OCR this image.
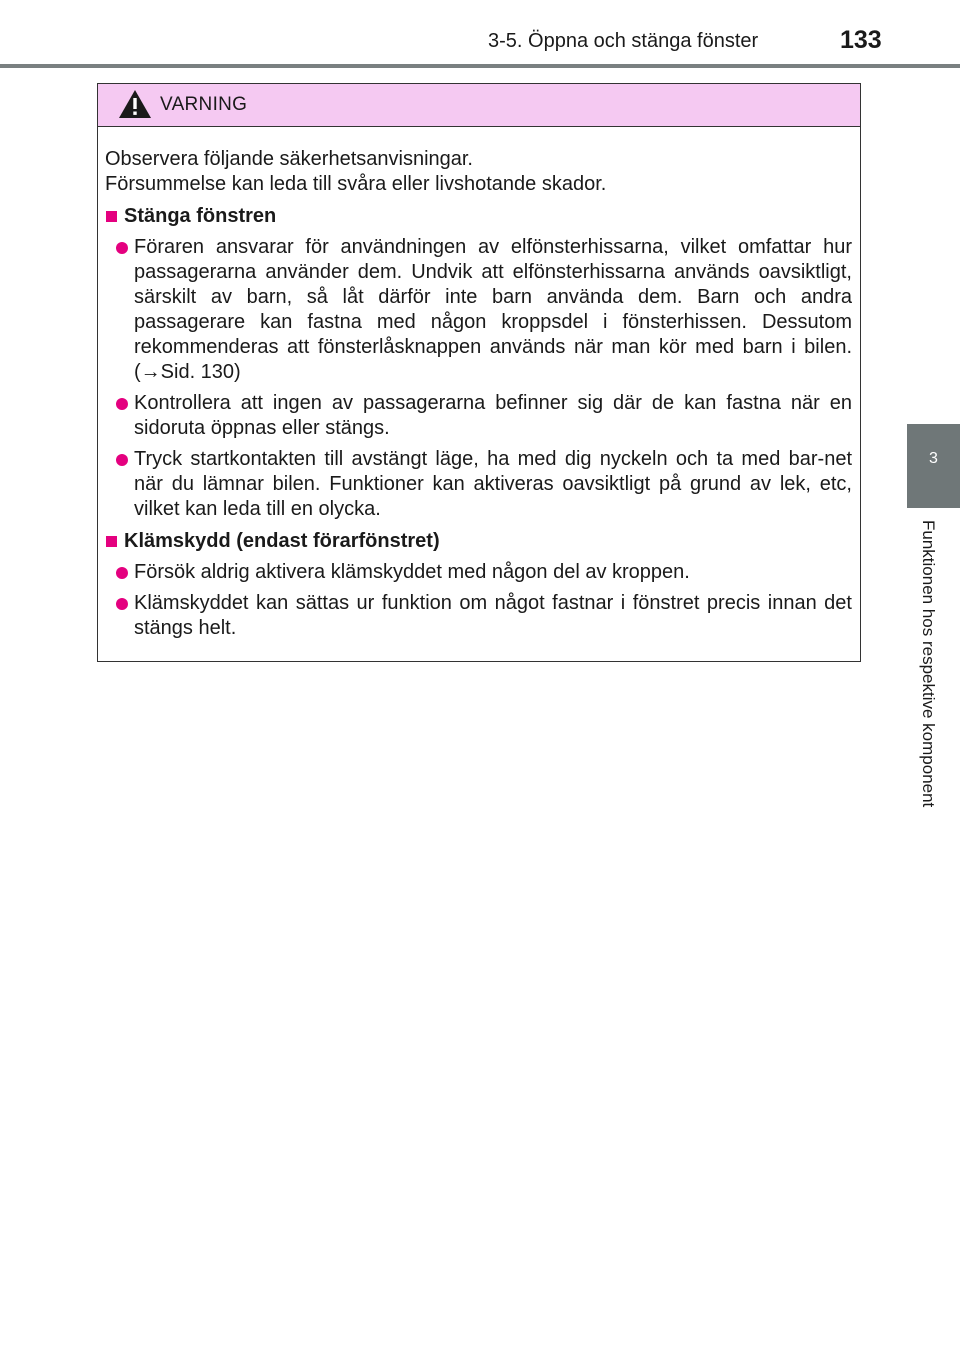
3-5. Öppna och stänga fönster	133
3
Funktionen hos respektive komponent
VARNING

Observera följande säkerhetsanvisningar.

Försummelse kan leda till svåra eller livshotande skador.

Stänga fönstren
Föraren ansvarar för användningen av elfönsterhissarna, vilket omfattar hur passagerarna använder dem. Undvik att elfönsterhissarna används oavsiktligt, särskilt av barn, så låt därför inte barn använda dem. Barn och andra passagerare kan fastna med någon kroppsdel i fönsterhissen. Dessutom rekommenderas att fönsterlåsknappen används när man kör med barn i bilen. (→Sid. 130)
Kontrollera att ingen av passagerarna befinner sig där de kan fastna när en sidoruta öppnas eller stängs.
Tryck startkontakten till avstängt läge, ha med dig nyckeln och ta med bar-net när du lämnar bilen. Funktioner kan aktiveras oavsiktligt på grund av lek, etc, vilket kan leda till en olycka.
Klämskydd (endast förarfönstret)
Försök aldrig aktivera klämskyddet med någon del av kroppen.
Klämskyddet kan sättas ur funktion om något fastnar i fönstret precis innan det stängs helt.
